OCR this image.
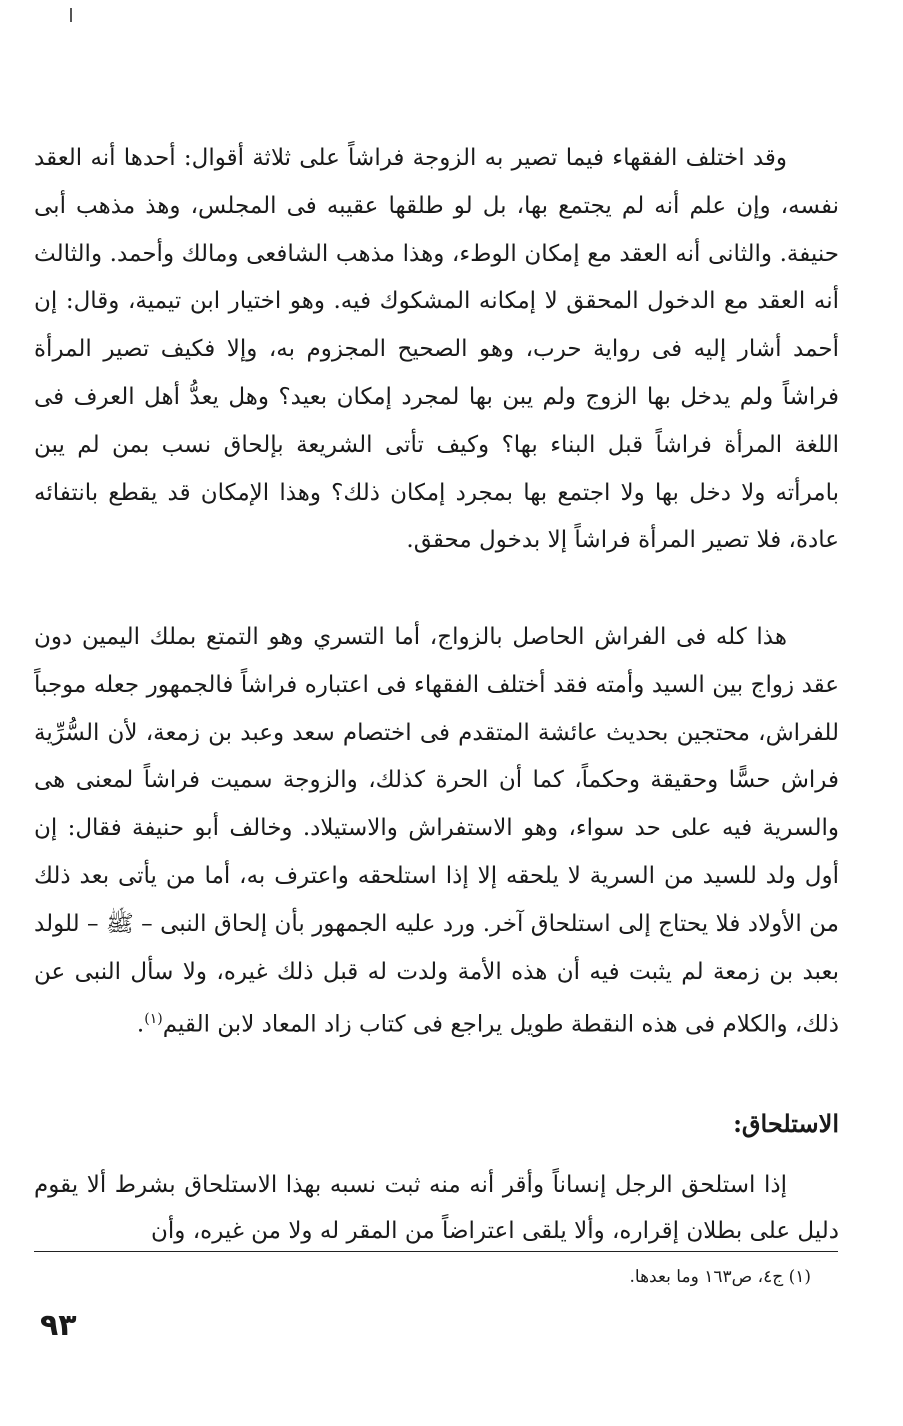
وقد اختلف الفقهاء فيما تصير به الزوجة فراشاً على ثلاثة أقوال: أحدها أنه العقد نفسه، وإن علم أنه لم يجتمع بها، بل لو طلقها عقيبه فى المجلس، وهذ مذهب أبى حنيفة. والثانى أنه العقد مع إمكان الوطء، وهذا مذهب الشافعى ومالك وأحمد. والثالث أنه العقد مع الدخول المحقق لا إمكانه المشكوك فيه. وهو اختيار ابن تيمية، وقال: إن أحمد أشار إليه فى رواية حرب، وهو الصحيح المجزوم به، وإلا فكيف تصير المرأة فراشاً ولم يدخل بها الزوج ولم يبن بها لمجرد إمكان بعيد؟ وهل يعدُّ أهل العرف فى اللغة المرأة فراشاً قبل البناء بها؟ وكيف تأتى الشريعة بإلحاق نسب بمن لم يبن بامرأته ولا دخل بها ولا اجتمع بها بمجرد إمكان ذلك؟ وهذا الإمكان قد يقطع بانتفائه عادة، فلا تصير المرأة فراشاً إلا بدخول محقق.

هذا كله فى الفراش الحاصل بالزواج، أما التسري وهو التمتع بملك اليمين دون عقد زواج بين السيد وأمته فقد أختلف الفقهاء فى اعتباره فراشاً فالجمهور جعله موجباً للفراش، محتجين بحديث عائشة المتقدم فى اختصام سعد وعبد بن زمعة، لأن السُّرِّية فراش حسًّا وحقيقة وحكماً، كما أن الحرة كذلك، والزوجة سميت فراشاً لمعنى هى والسرية فيه على حد سواء، وهو الاستفراش والاستيلاد. وخالف أبو حنيفة فقال: إن أول ولد للسيد من السرية لا يلحقه إلا إذا استلحقه واعترف به، أما من يأتى بعد ذلك من الأولاد فلا يحتاج إلى استلحاق آخر. ورد عليه الجمهور بأن إلحاق النبى – ﷺ – للولد بعبد بن زمعة لم يثبت فيه أن هذه الأمة ولدت له قبل ذلك غيره، ولا سأل النبى عن ذلك، والكلام فى هذه النقطة طويل يراجع فى كتاب زاد المعاد لابن القيم$^{(١)}$.

الاستلحاق:

إذا استلحق الرجل إنساناً وأقر أنه منه ثبت نسبه بهذا الاستلحاق بشرط ألا يقوم دليل على بطلان إقراره، وألا يلقى اعتراضاً من المقر له ولا من غيره، وأن

(١) ج٤، ص١٦٣ وما بعدها.
٩٣
